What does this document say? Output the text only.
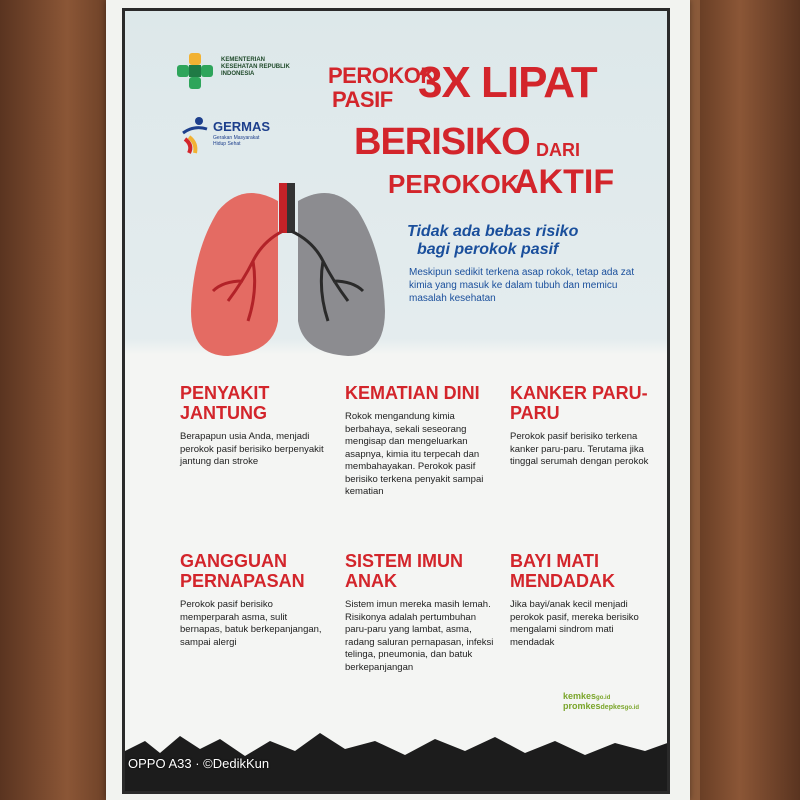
KEMENTERIAN KESEHATAN REPUBLIK INDONESIA
GERMAS
Gerakan Masyarakat Hidup Sehat
PEROKOK
PASIF 3X LIPAT
BERISIKO DARI
PEROKOK
AKTIF
Tidak ada bebas risiko
bagi perokok pasif
Meskipun sedikit terkena asap rokok, tetap ada zat kimia yang masuk ke dalam tubuh dan memicu masalah kesehatan
PENYAKIT JANTUNG
Berapapun usia Anda, menjadi perokok pasif berisiko berpenyakit jantung dan stroke
KEMATIAN DINI
Rokok mengandung kimia berbahaya, sekali seseorang mengisap dan mengeluarkan asapnya, kimia itu terpecah dan membahayakan. Perokok pasif berisiko terkena penyakit sampai kematian
KANKER PARU-PARU
Perokok pasif berisiko terkena kanker paru-paru. Terutama jika tinggal serumah dengan perokok
GANGGUAN PERNAPASAN
Perokok pasif berisiko memperparah asma, sulit bernapas, batuk berkepanjangan, sampai alergi
SISTEM IMUN ANAK
Sistem imun mereka masih lemah. Risikonya adalah pertumbuhan paru-paru yang lambat, asma, radang saluran pernapasan, infeksi telinga, pneumonia, dan batuk berkepanjangan
BAYI MATI MENDADAK
Jika bayi/anak kecil menjadi perokok pasif, mereka berisiko mengalami sindrom mati mendadak
kemkesgo.id   promkesdepkesgo.id
OPPO A33 · ©DedikKun
